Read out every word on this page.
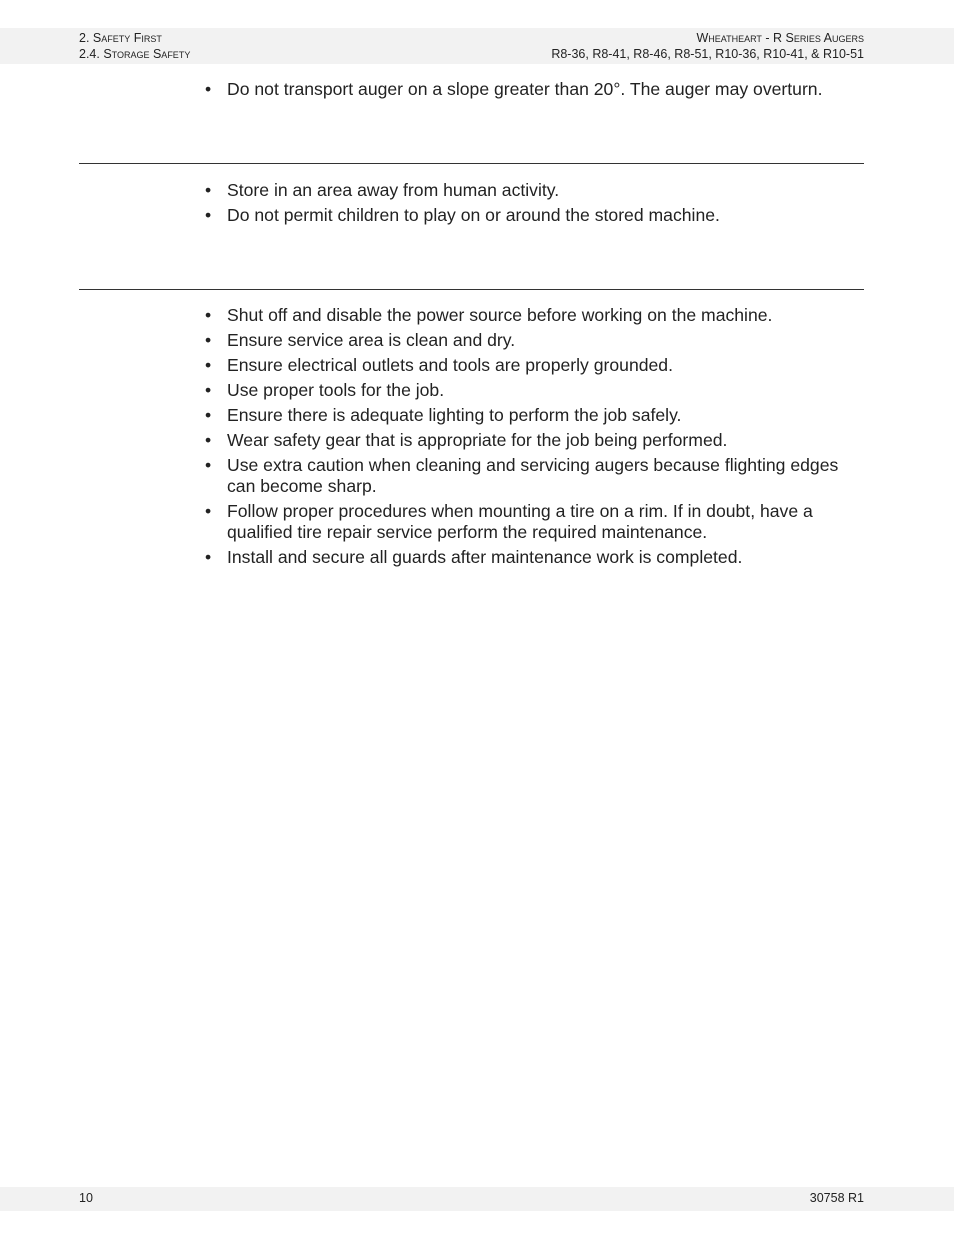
2. Safety First
2.4. Storage Safety
Wheatheart - R Series Augers
R8-36, R8-41, R8-46, R8-51, R10-36, R10-41, & R10-51
• Do not transport auger on a slope greater than 20°. The auger may overturn.
• Store in an area away from human activity.
• Do not permit children to play on or around the stored machine.
• Shut off and disable the power source before working on the machine.
• Ensure service area is clean and dry.
• Ensure electrical outlets and tools are properly grounded.
• Use proper tools for the job.
• Ensure there is adequate lighting to perform the job safely.
• Wear safety gear that is appropriate for the job being performed.
• Use extra caution when cleaning and servicing augers because flighting edges can become sharp.
• Follow proper procedures when mounting a tire on a rim. If in doubt, have a qualified tire repair service perform the required maintenance.
• Install and secure all guards after maintenance work is completed.
10	30758 R1
